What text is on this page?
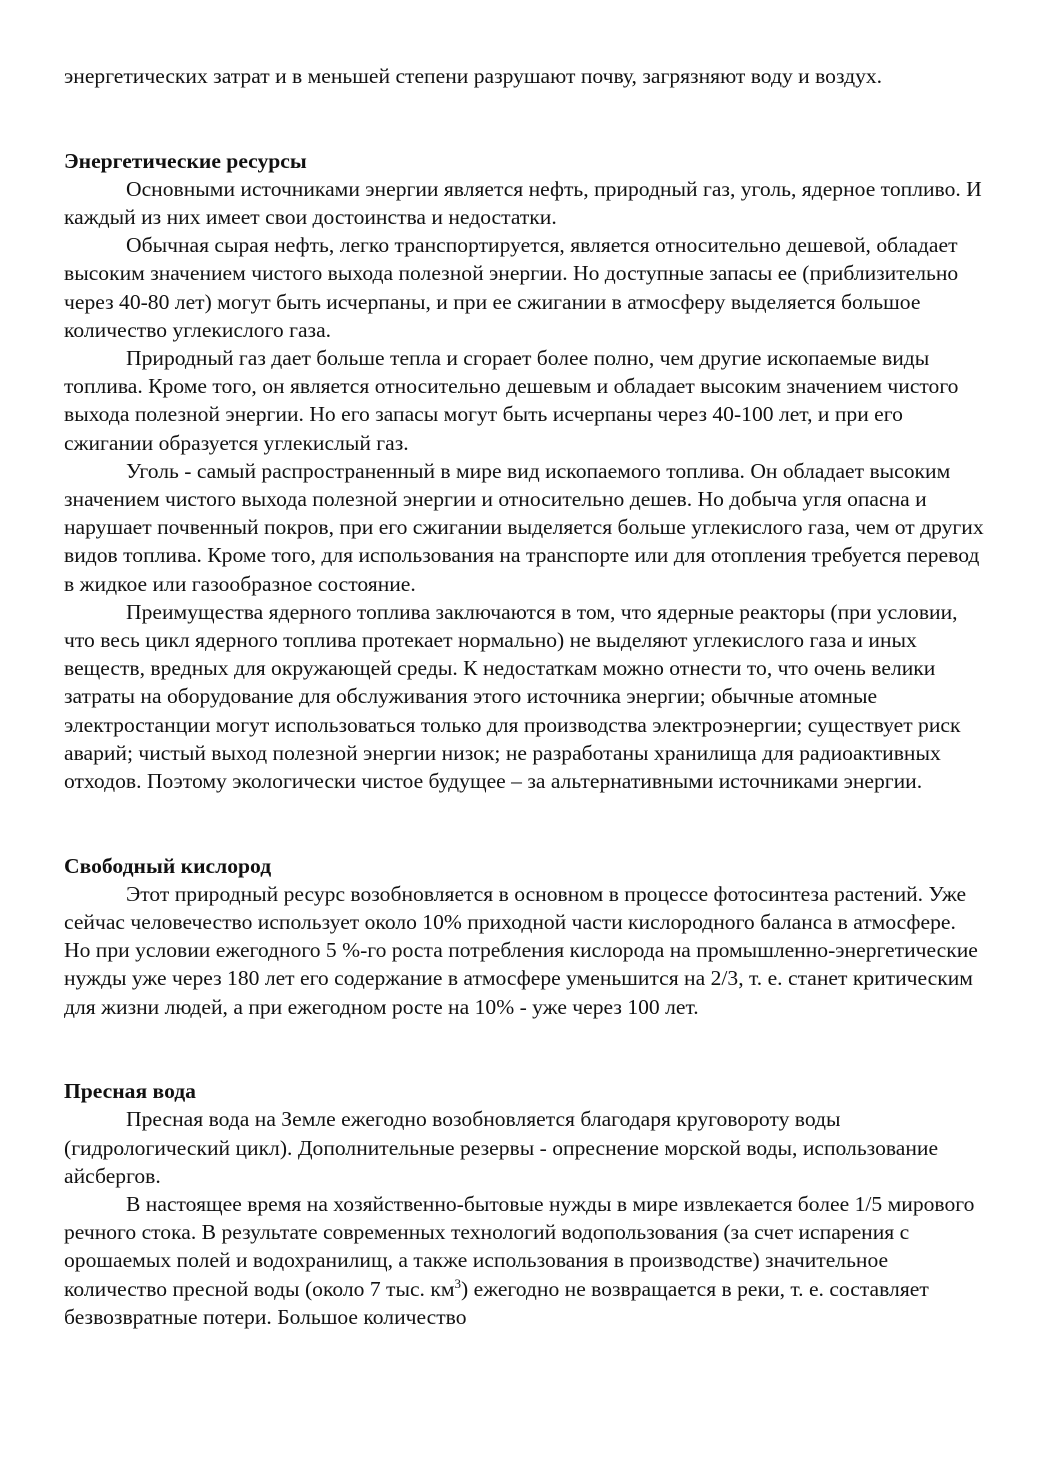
энергетических затрат и в меньшей степени разрушают почву, загрязняют воду и воздух.

Энергетические ресурсы

Основными источниками энергии является нефть, природный газ, уголь, ядерное топливо. И каждый из них имеет свои достоинства и недостатки.

Обычная сырая нефть, легко транспортируется, является относительно дешевой, обладает высоким значением чистого выхода полезной энергии. Но доступные запасы ее (приблизительно через 40-80 лет) могут быть исчерпаны, и при ее сжигании в атмосферу выделяется большое количество углекислого газа.

Природный газ дает больше тепла и сгорает более полно, чем другие ископаемые виды топлива. Кроме того, он является относительно дешевым и обладает высоким значением чистого выхода полезной энергии. Но его запасы могут быть исчерпаны через 40-100 лет, и при его сжигании образуется углекислый газ.

Уголь - самый распространенный в мире вид ископаемого топлива. Он обладает высоким значением чистого выхода полезной энергии и относительно дешев. Но добыча угля опасна и нарушает почвенный покров, при его сжигании выделяется больше углекислого газа, чем от других видов топлива. Кроме того, для использования на транспорте или для отопления требуется перевод в жидкое или газообразное состояние.

Преимущества ядерного топлива заключаются в том, что ядерные реакторы (при условии, что весь цикл ядерного топлива протекает нормально) не выделяют углекислого газа и иных веществ, вредных для окружающей среды. К недостаткам можно отнести то, что очень велики затраты на оборудование для обслуживания этого источника энергии; обычные атомные электростанции могут использоваться только для производства электроэнергии; существует риск аварий; чистый выход полезной энергии низок; не разработаны хранилища для радиоактивных отходов. Поэтому экологически чистое будущее – за альтернативными источниками энергии.

Свободный кислород

Этот природный ресурс возобновляется в основном в процессе фотосинтеза растений. Уже сейчас человечество использует около 10% приходной части кислородного баланса в атмосфере. Но при условии ежегодного 5 %-го роста потребления кислорода на промышленно-энергетические нужды уже через 180 лет его содержание в атмосфере уменьшится на 2/3, т. е. станет критическим для жизни людей, а при ежегодном росте на 10% - уже через 100 лет.

Пресная вода

Пресная вода на Земле ежегодно возобновляется благодаря круговороту воды (гидрологический цикл). Дополнительные резервы - опреснение морской воды, использование айсбергов.

В настоящее время на хозяйственно-бытовые нужды в мире извлекается более 1/5 мирового речного стока. В результате современных технологий водопользования (за счет испарения с орошаемых полей и водохранилищ, а также использования в производстве) значительное количество пресной воды (около 7 тыс. $км^3$) ежегодно не возвращается в реки, т. е. составляет безвозвратные потери. Большое количество
